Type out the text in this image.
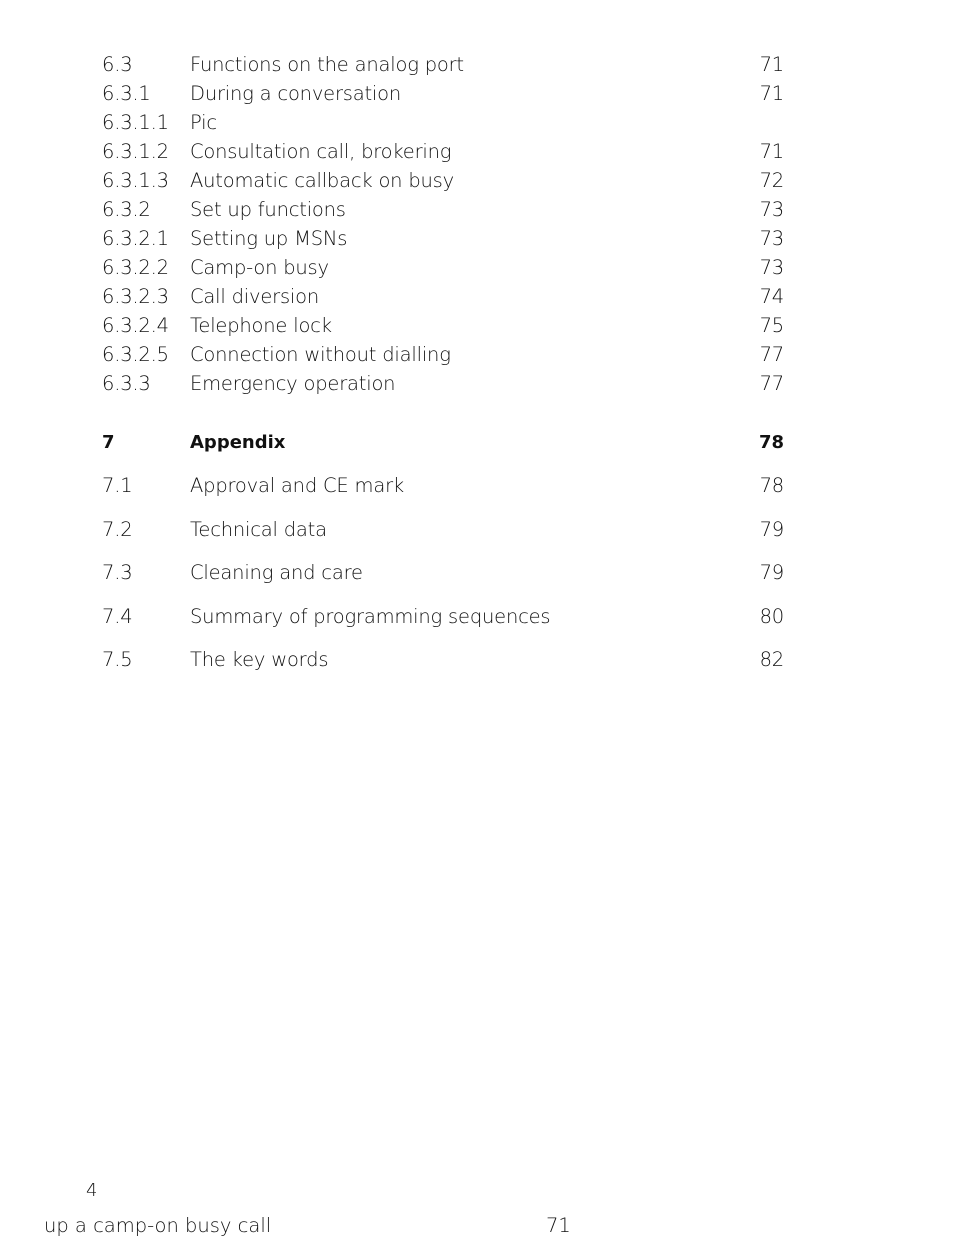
6.3	Functions on the analog port	71
6.3.1 During a conversation	71
6.3.1.1 Pic
6.3.1.2 Consultation call, brokering	71
6.3.1.3 Automatic callback on busy	72
6.3.2 Set up functions	73
6.3.2.1 Setting up MSNs	73
6.3.2.2 Camp-on busy	73
6.3.2.3 Call diversion	74
6.3.2.4 Telephone lock	75
6.3.2.5 Connection without dialling	77
6.3.3 Emergency operation	77
7	Appendix	78
7.1	Approval and CE mark	78
7.2	Technical data	79
7.3	Cleaning and care	79
7.4	Summary of programming sequences	80
7.5	The key words	82
4
up a camp-on busy call	71
